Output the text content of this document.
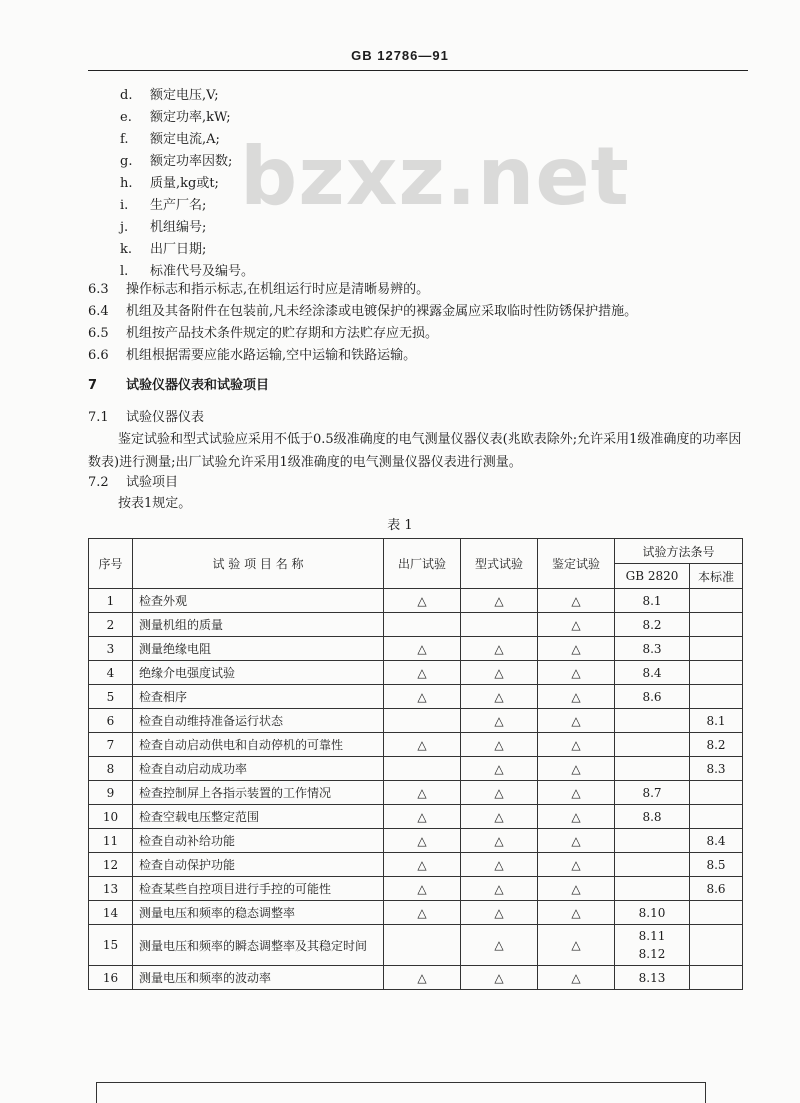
GB 12786—91
bzxz.net
d. 额定电压,V;
e. 额定功率,kW;
f. 额定电流,A;
g. 额定功率因数;
h. 质量,kg或t;
i. 生产厂名;
j. 机组编号;
k. 出厂日期;
l. 标准代号及编号。
6.3 操作标志和指示标志,在机组运行时应是清晰易辨的。
6.4 机组及其备附件在包装前,凡未经涂漆或电镀保护的裸露金属应采取临时性防锈保护措施。
6.5 机组按产品技术条件规定的贮存期和方法贮存应无损。
6.6 机组根据需要应能水路运输,空中运输和铁路运输。
7 试验仪器仪表和试验项目
7.1 试验仪器仪表
鉴定试验和型式试验应采用不低于0.5级准确度的电气测量仪器仪表(兆欧表除外;允许采用1级准确度的功率因数表)进行测量;出厂试验允许采用1级准确度的电气测量仪器仪表进行测量。
7.2 试验项目
按表1规定。
表 1
序号	试 验 项 目 名 称	出厂试验	型式试验	鉴定试验	试验方法条号	
					GB 2820	本标准
1	检查外观	△	△	△	8.1	
2	测量机组的质量			△	8.2	
3	测量绝缘电阻	△	△	△	8.3	
4	绝缘介电强度试验	△	△	△	8.4	
5	检查相序	△	△	△	8.6	
6	检查自动维持准备运行状态		△	△		8.1
7	检查自动启动供电和自动停机的可靠性	△	△	△		8.2
8	检查自动启动成功率		△	△		8.3
9	检查控制屏上各指示装置的工作情况	△	△	△	8.7	
10	检查空载电压整定范围	△	△	△	8.8	
11	检查自动补给功能	△	△	△		8.4
12	检查自动保护功能	△	△	△		8.5
13	检查某些自控项目进行手控的可能性	△	△	△		8.6
14	测量电压和频率的稳态调整率	△	△	△	8.10	
15	测量电压和频率的瞬态调整率及其稳定时间		△	△	8.11
8.12	

16	测量电压和频率的波动率	△	△	△	8.13	
